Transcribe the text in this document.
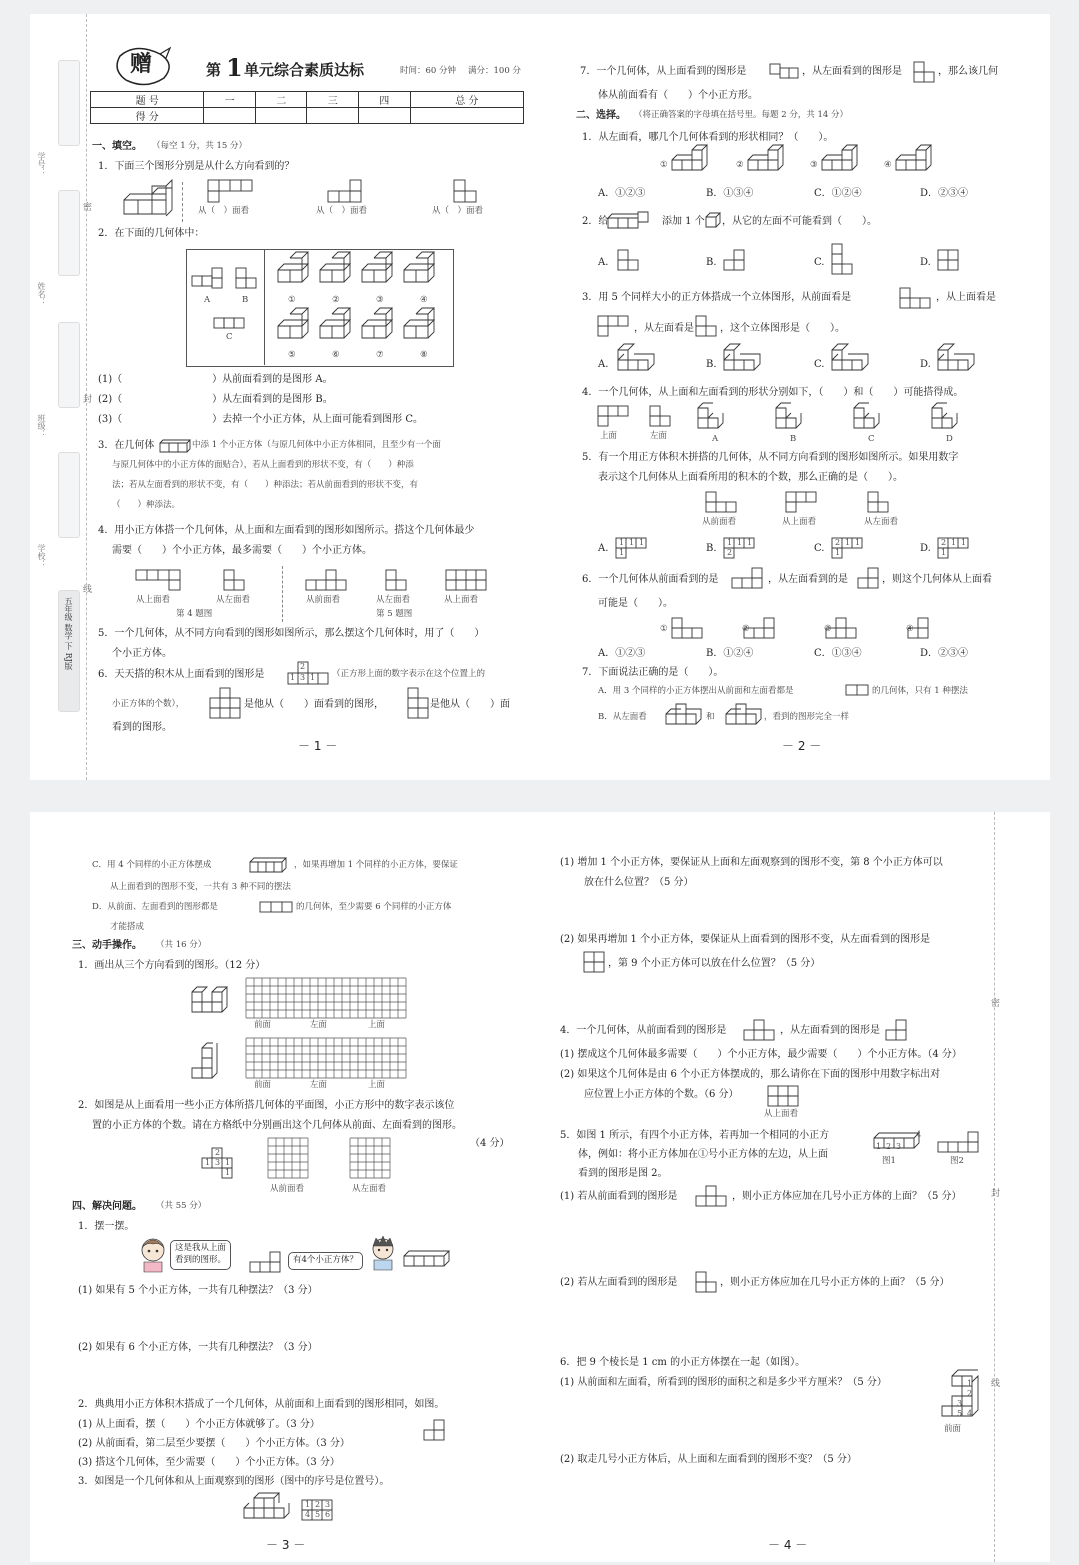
学号：
姓名：
班级：
学校：
五年级 数学 下 RJ版
密
封
线
赠	第 1 单元综合素质达标	时间：60 分钟 满分：100 分
题 号	一	二	三	四	总 分
得 分					
一、填空。 （每空 1 分，共 15 分）
1．下面三个图形分别是从什么方向看到的？
从（　）面看	从（　）面看	从（　）面看
2．在下面的几何体中：
A	B
C
①	②	③	④
⑤	⑥	⑦	⑧
(1)（　　　　　　　　　）从前面看到的是图形 A。
(2)（　　　　　　　　　）从左面看到的是图形 B。
(3)（　　　　　　　　　）去掉一个小正方体，从上面可能看到图形 C。
3．在几何体	中添 1 个小正方体（与原几何体中小正方体相同，且至少有一个面
与原几何体中的小正方体的面贴合），若从上面看到的形状不变，有（　　）种添
法；若从左面看到的形状不变，有（　　）种添法；若从前面看到的形状不变，有
（　　）种添法。
4．用小正方体搭一个几何体，从上面和左面看到的图形如图所示。搭这个几何体最少
需要（　　）个小正方体，最多需要（　　）个小正方体。
从上面看	从左面看	从前面看	从左面看	从上面看
第 4 题图	第 5 题图
5．一个几何体，从不同方向看到的图形如图所示，那么摆这个几何体时，用了（　　）
个小正方体。
6．天天搭的积木从上面看到的图形是
2
1 3 1 （正方形上面的数字表示在这个位置上的
小正方体的个数），	是他从（　　）面看到的图形，	是他从（　　）面
看到的图形。
－ 1 －
7．一个几何体，从上面看到的图形是	，从左面看到的图形是	，那么该几何
体从前面看有（　　）个小正方形。
二、选择。 （将正确答案的字母填在括号里。每题 2 分，共 14 分）
1．从左面看，哪几个几何体看到的形状相同？（　　）。
①	②	③	④
A．①②③	B．①③④	C．①②④	D．②③④
2．给	添加 1 个 ，从它的左面不可能看到（　　）。
A.	B.	C.	D.
3．用 5 个同样大小的正方体搭成一个立体图形，从前面看是	，从上面看是
，从左面看是	，这个立体图形是（　　）。
A.	B.	C.	D.
4．一个几何体，从上面和左面看到的形状分别如下，（　　）和（　　）可能搭得成。
上面	左面	A	B	C	D
5．有一个用正方体积木拼搭的几何体，从不同方向看到的图形如图所示。如果用数字
表示这个几何体从上面看所用的积木的个数，那么正确的是（　　）。
从前面看	从上面看	从左面看
A.	B.	C.	D.
1 1 1
1
1 1 1
2
2 1 1
1
2 1 1
1
6．一个几何体从前面看到的是	，从左面看到的是	，则这个几何体从上面看
可能是（　　）。
①	②	③	④
A．①②③	B．①②④	C．①③④	D．②③④
7．下面说法正确的是（　　）。
A．用 3 个同样的小正方体摆出从前面和左面看都是	的几何体，只有 1 种摆法
B．从左面看	和	，看到的图形完全一样
－ 2 －
C．用 4 个同样的小正方体摆成	，如果再增加 1 个同样的小正方体，要保证
从上面看到的图形不变，一共有 3 种不同的摆法
D．从前面、左面看到的图形都是	的几何体，至少需要 6 个同样的小正方体
才能搭成
三、动手操作。 （共 16 分）
1．画出从三个方向看到的图形。（12 分）
前面	左面	上面
前面	左面	上面
2．如图是从上面看用一些小正方体所搭几何体的平面图，小正方形中的数字表示该位
置的小正方体的个数。请在方格纸中分别画出这个几何体从前面、左面看到的图形。
（4 分）
2
1 3 1
1
从前面看	从左面看
四、解决问题。 （共 55 分）
1．摆一摆。
这是我从上面
看到的图形。	有4个小正方体？
(1) 如果有 5 个小正方体，一共有几种摆法？（3 分）
(2) 如果有 6 个小正方体，一共有几种摆法？（3 分）
2．典典用小正方体积木搭成了一个几何体，从前面和上面看到的图形相同，如图。
(1) 从上面看，摆（　　）个小正方体就够了。（3 分）
(2) 从前面看，第二层至少要摆（　　）个小正方体。（3 分）
(3) 搭这个几何体，至少需要（　　）个小正方体。（3 分）
3．如图是一个几何体和从上面观察到的图形（图中的序号是位置号）。
1 2 3
4 5 6
－ 3 －
(1) 增加 1 个小正方体，要保证从上面和左面观察到的图形不变，第 8 个小正方体可以
放在什么位置？（5 分）
(2) 如果再增加 1 个小正方体，要保证从上面看到的图形不变，从左面看到的图形是
，第 9 个小正方体可以放在什么位置？（5 分）
4．一个几何体，从前面看到的图形是	，从左面看到的图形是
(1) 摆成这个几何体最多需要（　　）个小正方体，最少需要（　　）个小正方体。（4 分）
(2) 如果这个几何体是由 6 个小正方体摆成的，那么请你在下面的图形中用数字标出对
应位置上小正方体的个数。（6 分）
从上面看
5．如图 1 所示，有四个小正方体，若再加一个相同的小正方
体，例如：将小正方体加在①号小正方体的左边，从上面
看到的图形是图 2。
1 2 3
4
图1	图2
(1) 若从前面看到的图形是	，则小正方体应加在几号小正方体的上面？（5 分）
(2) 若从左面看到的图形是	，则小正方体应加在几号小正方体的上面？（5 分）
6．把 9 个棱长是 1 cm 的小正方体摆在一起（如图）。
(1) 从前面和左面看，所看到的图形的面积之和是多少平方厘米？（5 分）	1
2
3
4
5
前面
(2) 取走几号小正方体后，从上面和左面看到的图形不变？（5 分）
－ 4 －
密
封
线
